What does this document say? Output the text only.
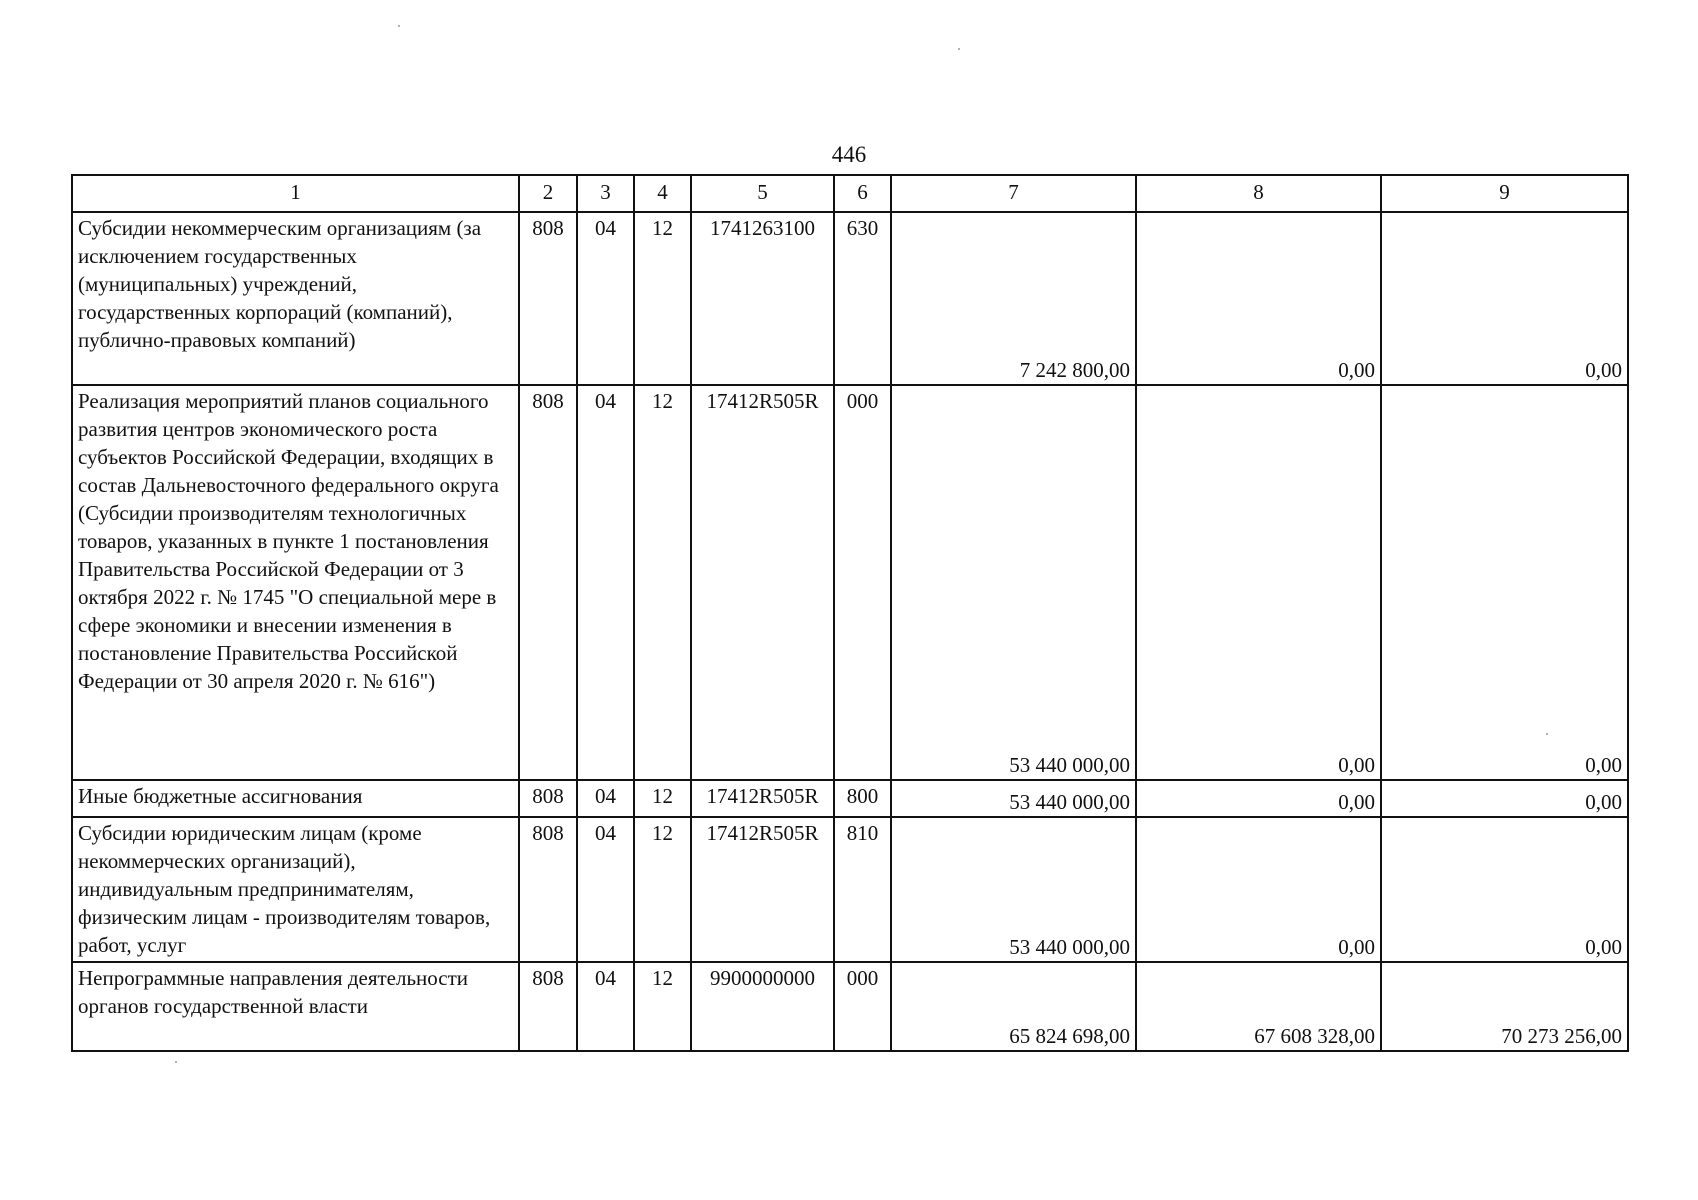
446
1	2	3	4	5	6	7	8	9
Субсидии некоммерческим организациям (за исключением государственных (муниципальных) учреждений, государственных корпораций (компаний), публично-правовых компаний)	808	04	12	1741263100	630	7 242 800,00	0,00	0,00
Реализация мероприятий планов социального развития центров экономического роста субъектов Российской Федерации, входящих в состав Дальневосточного федерального округа (Субсидии производителям технологичных товаров, указанных в пункте 1 постановления Правительства Российской Федерации от 3 октября 2022 г. № 1745 "О специальной мере в сфере экономики и внесении изменения в постановление Правительства Российской Федерации от 30 апреля 2020 г. № 616")	808	04	12	17412R505R	000	53 440 000,00	0,00	0,00
Иные бюджетные ассигнования	808	04	12	17412R505R	800	53 440 000,00	0,00	0,00
Субсидии юридическим лицам (кроме некоммерческих организаций), индивидуальным предпринимателям, физическим лицам - производителям товаров, работ, услуг	808	04	12	17412R505R	810	53 440 000,00	0,00	0,00
Непрограммные направления деятельности органов государственной власти	808	04	12	9900000000	000	65 824 698,00	67 608 328,00	70 273 256,00
